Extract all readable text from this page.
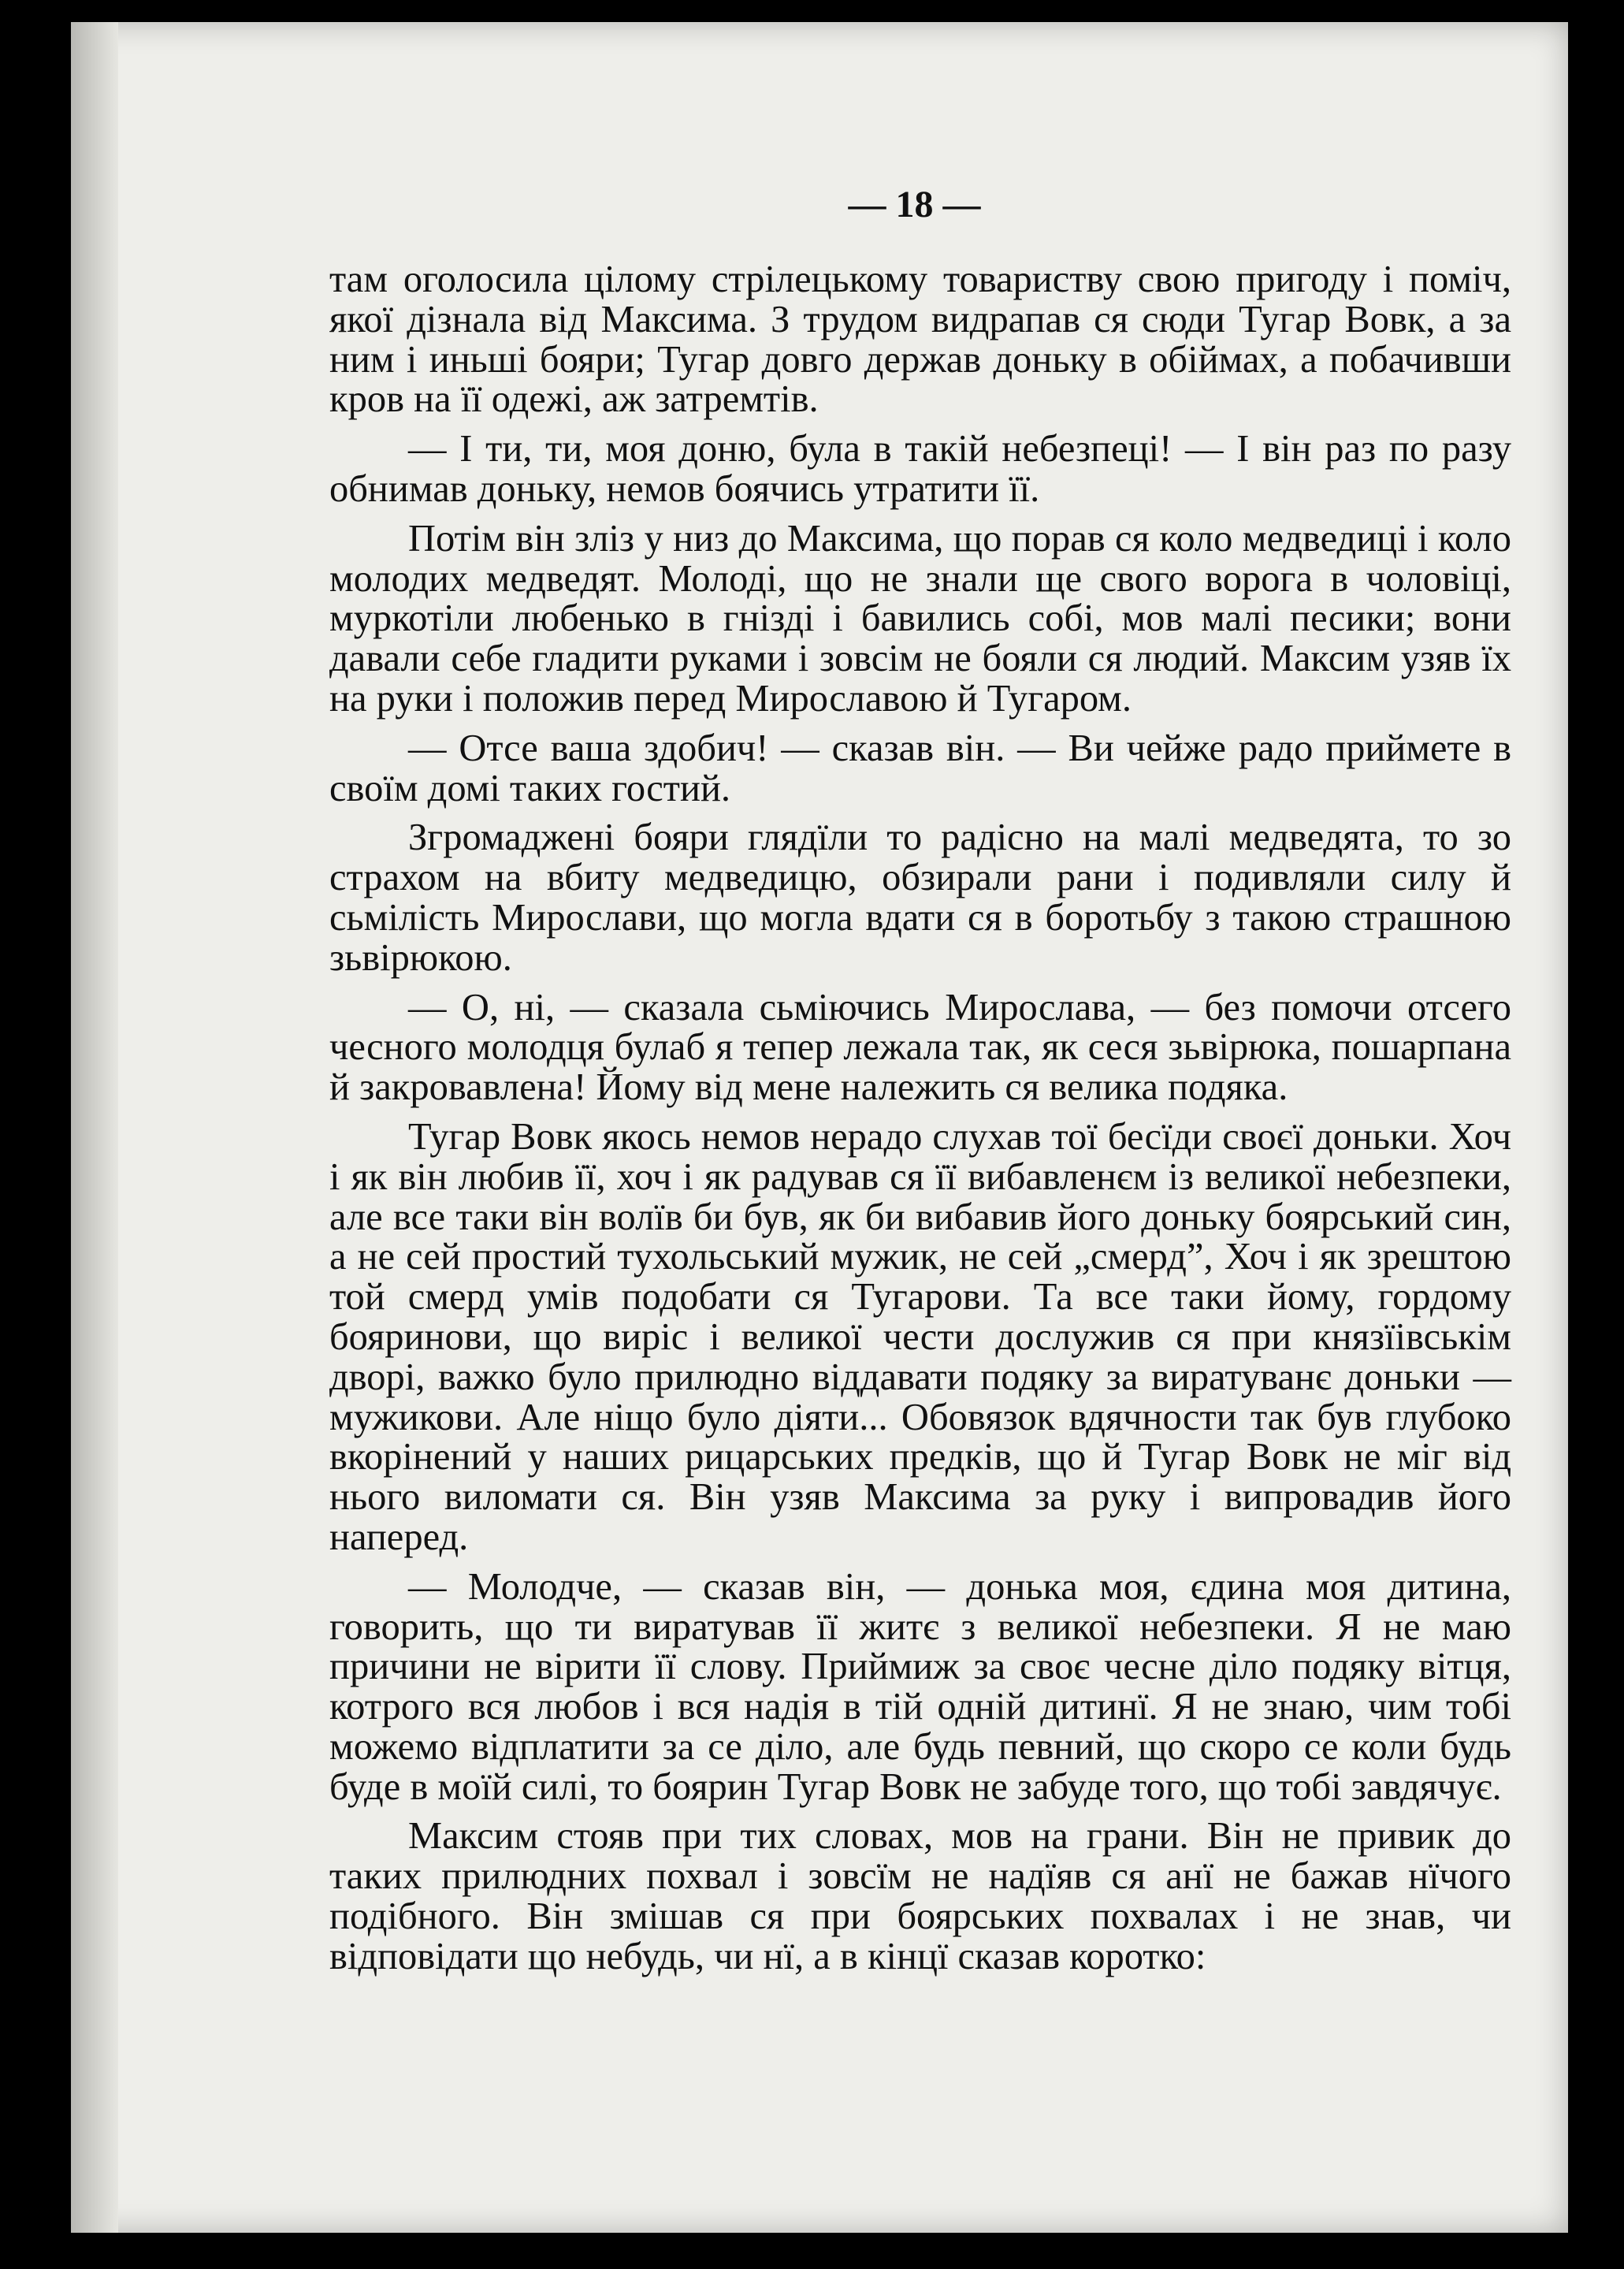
— 18 —

там оголосила цілому стрілецькому товариству свою пригоду і поміч, якої дізнала від Максима. З трудом видрапав ся сюди Тугар Вовк, а за ним і иньші бояри; Тугар довго держав доньку в обіймах, а побачивши кров на її одежі, аж затремтів.

— І ти, ти, моя доню, була в такій небезпеці! — І він раз по разу обнимав доньку, немов боячись утратити її.

Потім він зліз у низ до Максима, що порав ся коло медведиці і коло молодих медведят. Молоді, що не знали ще свого ворога в чоловіці, муркотіли любенько в гнізді і бавились собі, мов малі песики; вони давали себе гладити руками і зовсім не бояли ся людий. Максим узяв їх на руки і положив перед Мирославою й Тугаром.

— Отсе ваша здобич! — сказав він. — Ви чейже радо приймете в своїм домі таких гостий.

Згромаджені бояри глядїли то радісно на малі медведята, то зо страхом на вбиту медведицю, обзирали рани і подивляли силу й сьмілість Мирослави, що могла вдати ся в боротьбу з такою страшною зьвірюкою.

— О, ні, — сказала сьміючись Мирослава, — без помочи отсего чесного молодця булаб я тепер лежала так, як сеся зьвірюка, пошарпана й закровавлена! Йому від мене належить ся велика подяка.

Тугар Вовк якось немов нерадо слухав тої бесїди своєї доньки. Хоч і як він любив її, хоч і як радував ся її вибавленєм із великої небезпеки, але все таки він волїв би був, як би вибавив його доньку боярський син, а не сей простий тухольський мужик, не сей „смерд”, Хоч і як зрештою той смерд умів подобати ся Тугарови. Та все таки йому, гордому бояринови, що виріс і великої чести дослужив ся при князїівськім дворі, важко було прилюдно віддавати подяку за виратуванє доньки — мужикови. Але ніщо було діяти... Обовязок вдячности так був глубоко вкорінений у наших рицарських предків, що й Тугар Вовк не міг від нього виломати ся. Він узяв Максима за руку і випровадив його наперед.

— Молодче, — сказав він, — донька моя, єдина моя дитина, говорить, що ти виратував її житє з великої небезпеки. Я не маю причини не вірити її слову. Приймиж за своє чесне діло подяку вітця, котрого вся любов і вся надія в тій одній дитинї. Я не знаю, чим тобі можемо відплатити за се діло, але будь певний, що скоро се коли будь буде в моїй силі, то боярин Тугар Вовк не забуде того, що тобі завдячує.

Максим стояв при тих словах, мов на грани. Він не привик до таких прилюдних похвал і зовсїм не надїяв ся анї не бажав нїчого подібного. Він змішав ся при боярських похвалах і не знав, чи відповідати що небудь, чи нї, а в кінцї сказав коротко:
